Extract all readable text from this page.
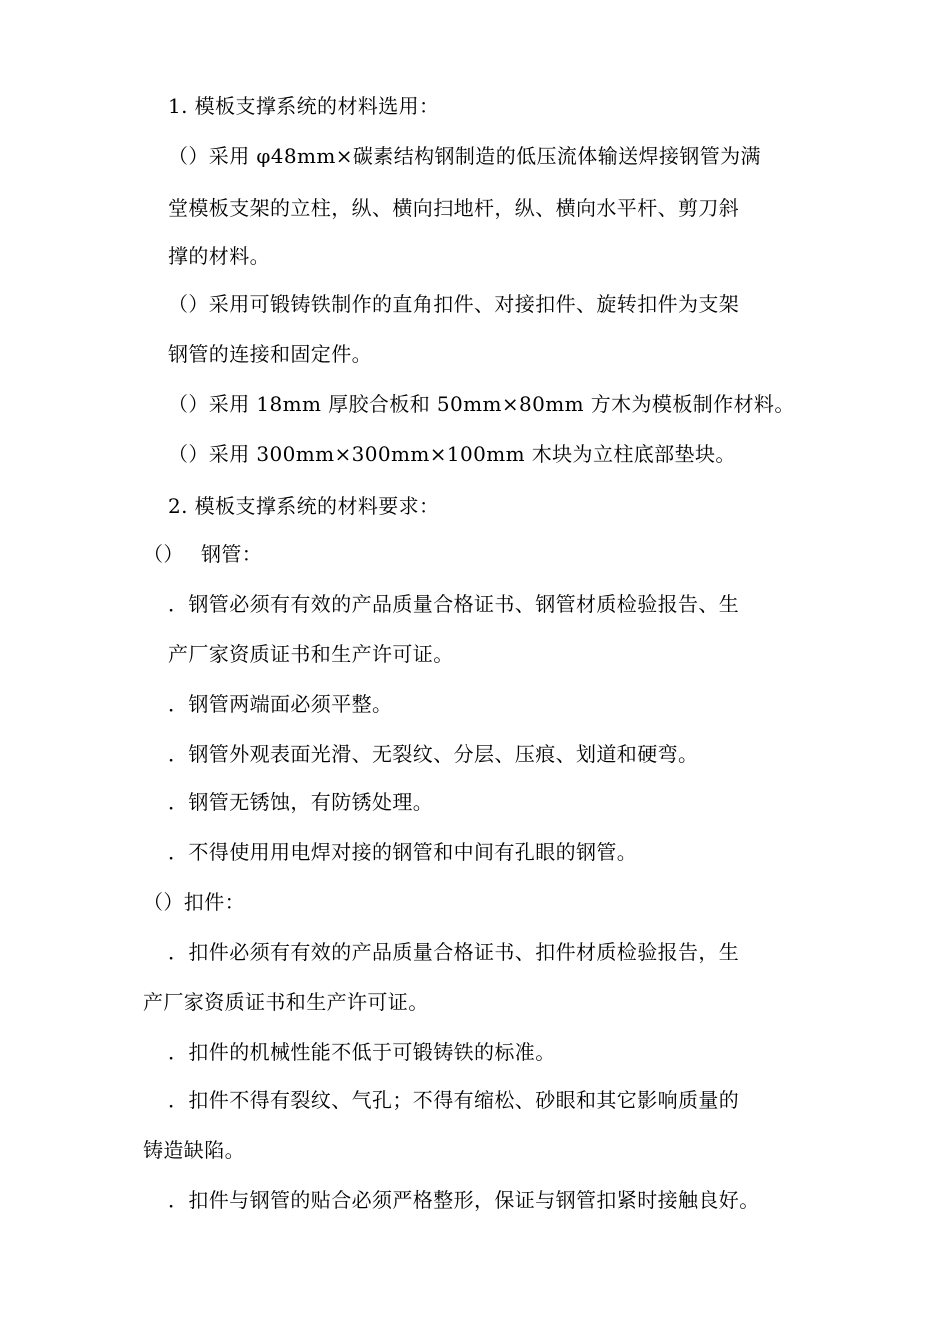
1. 模板支撑系统的材料选用：
（）采用 φ48mm×碳素结构钢制造的低压流体输送焊接钢管为满
堂模板支架的立柱，纵、横向扫地杆，纵、横向水平杆、剪刀斜
撑的材料。
（）采用可锻铸铁制作的直角扣件、对接扣件、旋转扣件为支架
钢管的连接和固定件。
（）采用 18mm 厚胶合板和 50mm×80mm 方木为模板制作材料。
（）采用 300mm×300mm×100mm 木块为立柱底部垫块。
2. 模板支撑系统的材料要求：
（）　 钢管：
．钢管必须有有效的产品质量合格证书、钢管材质检验报告、生
产厂家资质证书和生产许可证。
．钢管两端面必须平整。
．钢管外观表面光滑、无裂纹、分层、压痕、划道和硬弯。
．钢管无锈蚀，有防锈处理。
．不得使用用电焊对接的钢管和中间有孔眼的钢管。
（）扣件：
．扣件必须有有效的产品质量合格证书、扣件材质检验报告，生
产厂家资质证书和生产许可证。
．扣件的机械性能不低于可锻铸铁的标准。
．扣件不得有裂纹、气孔；不得有缩松、砂眼和其它影响质量的
铸造缺陷。
．扣件与钢管的贴合必须严格整形，保证与钢管扣紧时接触良好。
